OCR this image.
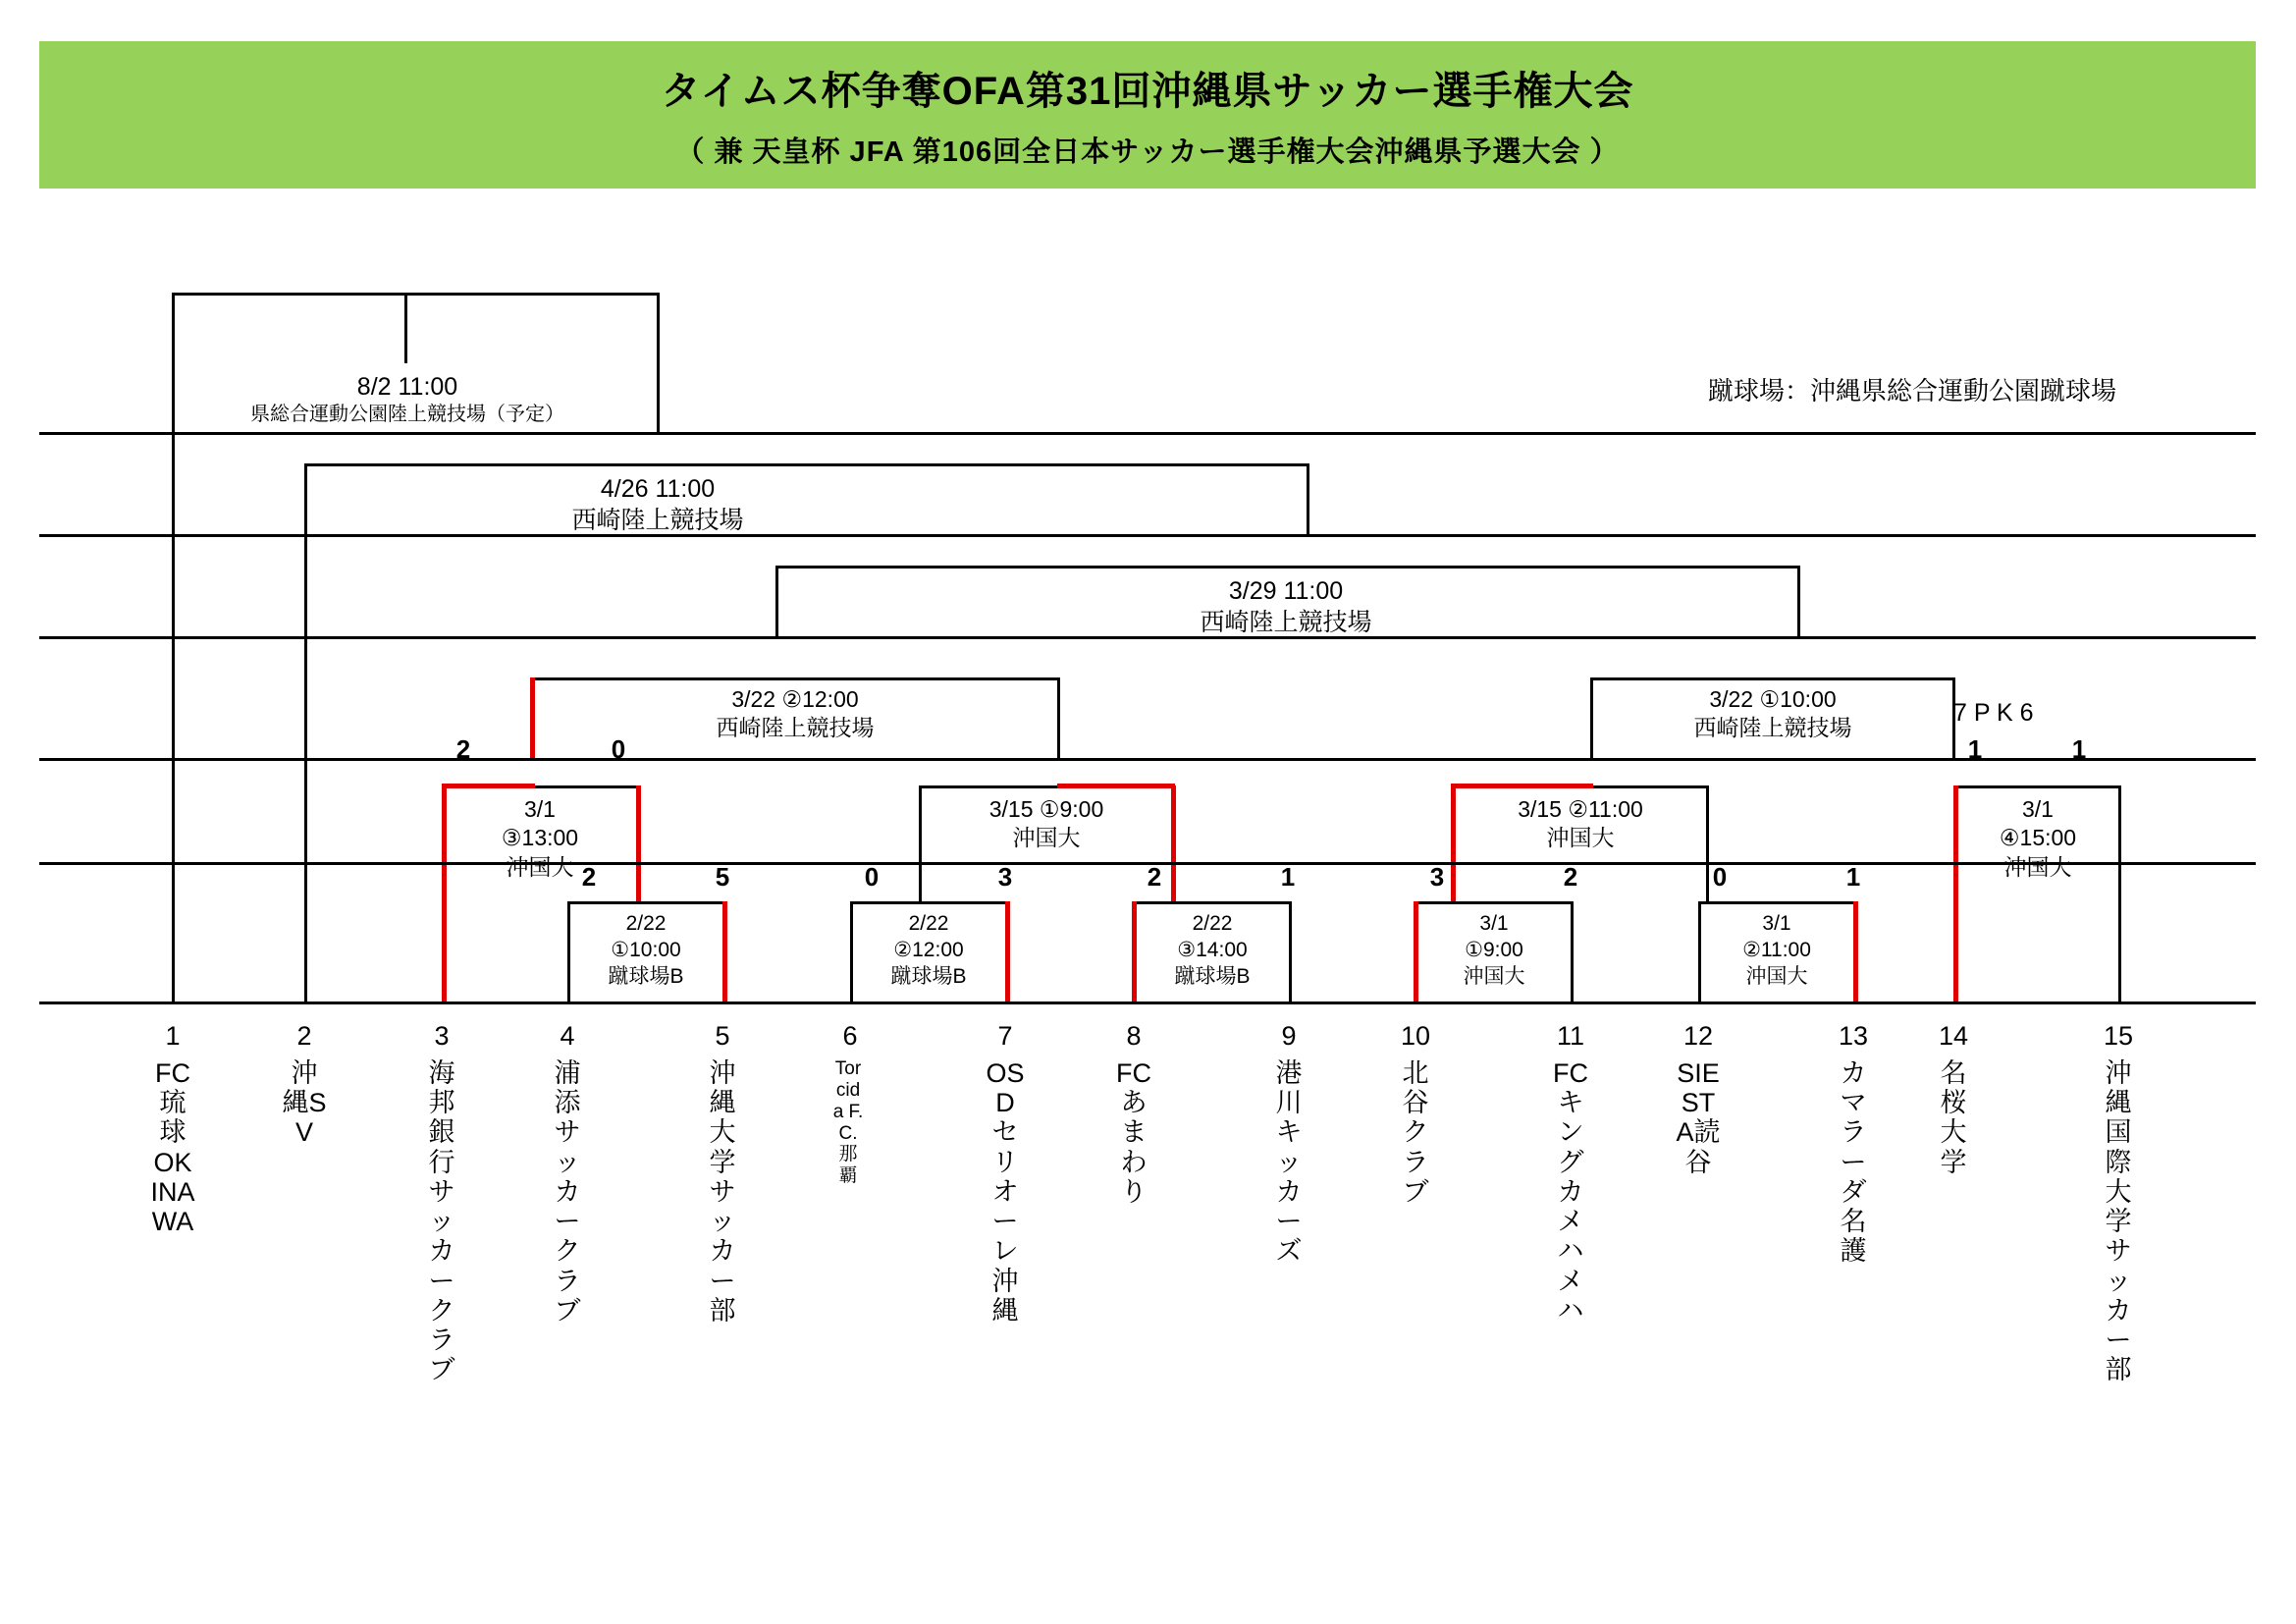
タイムス杯争奪OFA第31回沖縄県サッカー選手権大会
（ 兼 天皇杯 JFA 第106回全日本サッカー選手権大会沖縄県予選大会 ）
蹴球場：沖縄県総合運動公園蹴球場
8/2 11:00
県総合運動公園陸上競技場（予定）
4/26 11:00
西崎陸上競技場
3/29 11:00
西崎陸上競技場
3/22 ②12:00
西崎陸上競技場
3/22 ①10:00
西崎陸上競技場
3/1
③13:00
沖国大
3/15 ①9:00
沖国大
3/15 ②11:00
沖国大
3/1
④15:00
沖国大
2/22
①10:00
蹴球場B
2/22
②12:00
蹴球場B
2/22
③14:00
蹴球場B
3/1
①9:00
沖国大
3/1
②11:00
沖国大
2	0
2	5	0	3	2	1	3	2	0	1
1	1
7 P K 6
1	2	3	4	5	6	7	8	9	10	11	12	13	14	15
FC琉球 OKINAWA
沖縄SV
海邦銀行サッカークラブ
浦添サッカークラブ
沖縄大学サッカー部
Torcida F.C.那覇
OSD セリオーレ沖縄
FCあまわり
港川キッカーズ
北谷クラブ
FCキングカメハメハ
SIESTA読谷
カマラーダ名護
名桜大学
沖縄国際大学サッカー部
